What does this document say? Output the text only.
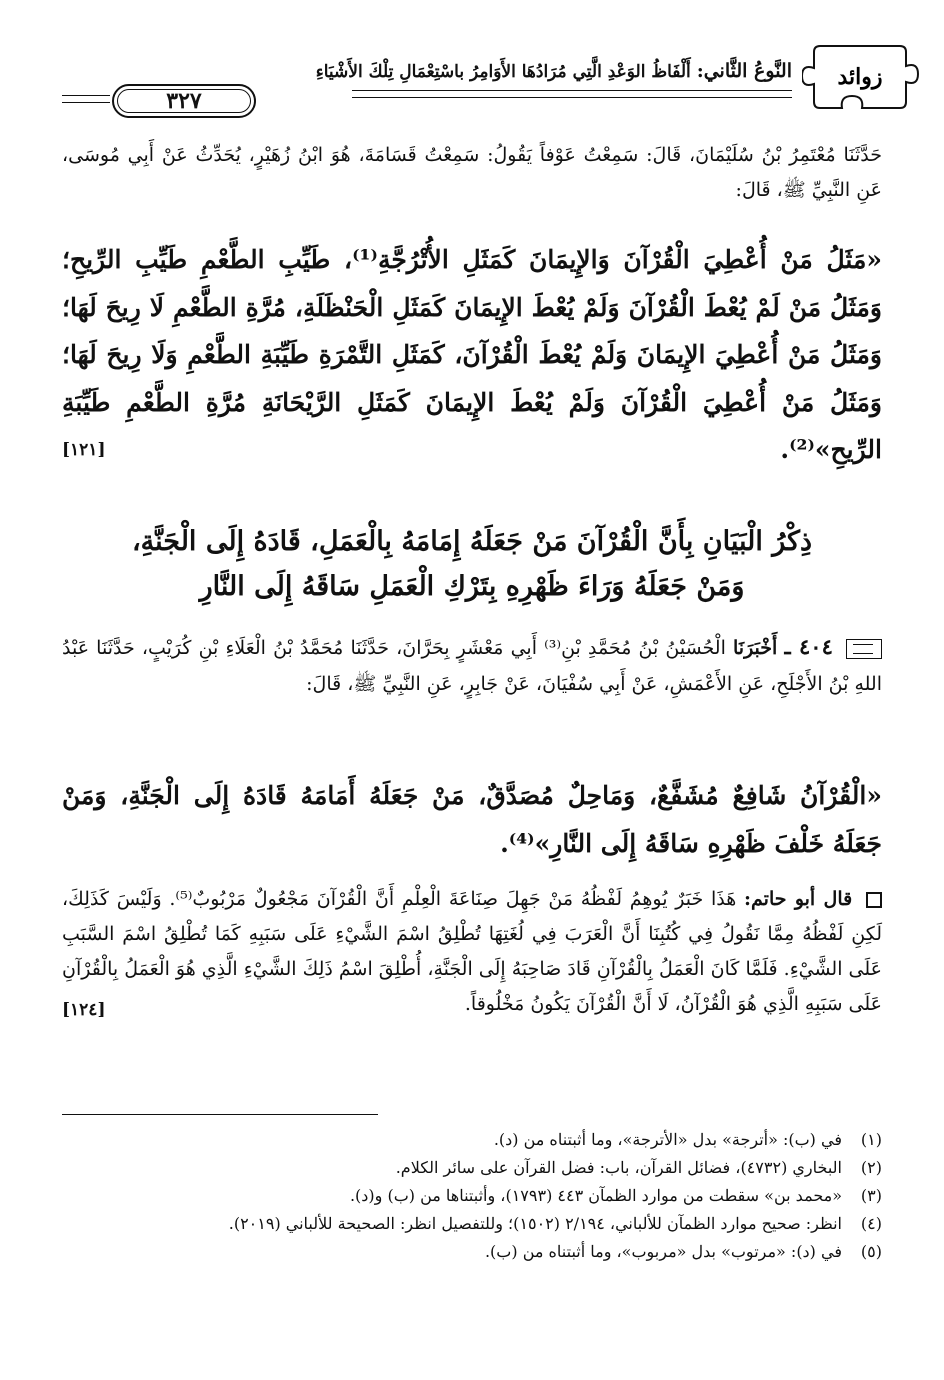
زوائد
النَّوعُ الثَّاني: أَلْفَاظُ الوَعْدِ الَّتِي مُرَادُهَا الأَوَامِرُ باسْتِعْمَالِ تِلْكَ الأَشْيَاءِ
٣٢٧

حَدَّثَنَا مُعْتَمِرُ بْنُ سُلَيْمَانَ، قَالَ: سَمِعْتُ عَوْفاً يَقُولُ: سَمِعْتُ قَسَامَةَ، هُوَ ابْنُ زُهَيْرٍ، يُحَدِّثُ عَنْ أَبِي مُوسَى، عَنِ النَّبِيِّ ﷺ، قَالَ:

«مَثَلُ مَنْ أُعْطِيَ الْقُرْآنَ وَالإِيمَانَ كَمَثَلِ الأُتْرُجَّةِ⁽¹⁾، طَيِّبِ الطَّعْمِ طَيِّبِ الرِّيحِ؛ وَمَثَلُ مَنْ لَمْ يُعْطَ الْقُرْآنَ وَلَمْ يُعْطَ الإِيمَانَ كَمَثَلِ الْحَنْظَلَةِ، مُرَّةِ الطَّعْمِ لَا رِيحَ لَهَا؛ وَمَثَلُ مَنْ أُعْطِيَ الإِيمَانَ وَلَمْ يُعْطَ الْقُرْآنَ، كَمَثَلِ التَّمْرَةِ طَيِّبَةِ الطَّعْمِ وَلَا رِيحَ لَهَا؛ وَمَثَلُ مَنْ أُعْطِيَ الْقُرْآنَ وَلَمْ يُعْطَ الإِيمَانَ كَمَثَلِ الرَّيْحَانَةِ مُرَّةِ الطَّعْمِ طَيِّبَةِ الرِّيحِ»⁽²⁾.
[١٢١]

ذِكْرُ الْبَيَانِ بِأَنَّ الْقُرْآنَ مَنْ جَعَلَهُ إِمَامَهُ بِالْعَمَلِ، قَادَهُ إِلَى الْجَنَّةِ،
وَمَنْ جَعَلَهُ وَرَاءَ ظَهْرِهِ بِتَرْكِ الْعَمَلِ سَاقَهُ إِلَى النَّارِ

٤٠٤ ـ أَخْبَرَنَا الْحُسَيْنُ بْنُ مُحَمَّدِ بْنِ⁽³⁾ أَبِي مَعْشَرٍ بِحَرَّانَ، حَدَّثَنَا مُحَمَّدُ بْنُ الْعَلَاءِ بْنِ كُرَيْبٍ، حَدَّثَنَا عَبْدُ اللهِ بْنُ الأَجْلَحِ، عَنِ الأَعْمَشِ، عَنْ أَبِي سُفْيَانَ، عَنْ جَابِرٍ، عَنِ النَّبِيِّ ﷺ، قَالَ:

«الْقُرْآنُ شَافِعٌ مُشَفَّعٌ، وَمَاحِلٌ مُصَدَّقٌ، مَنْ جَعَلَهُ أَمَامَهُ قَادَهُ إِلَى الْجَنَّةِ، وَمَنْ جَعَلَهُ خَلْفَ ظَهْرِهِ سَاقَهُ إِلَى النَّارِ»⁽⁴⁾.

قال أبو حاتم: هَذَا خَبَرٌ يُوهِمُ لَفْظُهُ مَنْ جَهِلَ صِنَاعَةَ الْعِلْمِ أَنَّ الْقُرْآنَ مَجْعُولٌ مَرْبُوبٌ⁽⁵⁾. وَلَيْسَ كَذَلِكَ، لَكِنِ لَفْظُهُ مِمَّا نَقُولُ فِي كُتُبِنَا أَنَّ الْعَرَبَ فِي لُغَتِهَا تُطْلِقُ اسْمَ الشَّيْءِ عَلَى سَبَبِهِ كَمَا تُطْلِقُ اسْمَ السَّبَبِ عَلَى الشَّيْءِ. فَلَمَّا كَانَ الْعَمَلُ بِالْقُرْآنِ قَادَ صَاحِبَهُ إِلَى الْجَنَّةِ، أُطْلِقَ اسْمُ ذَلِكَ الشَّيْءِ الَّذِي هُوَ الْعَمَلُ بِالْقُرْآنِ عَلَى سَبَبِهِ الَّذِي هُوَ الْقُرْآنُ، لَا أَنَّ الْقُرْآنَ يَكُونُ مَخْلُوقاً.
[١٢٤]

(١)
في (ب): «أترجة» بدل «الأترجة»، وما أثبتناه من (د).
(٢)
البخاري (٤٧٣٢)، فضائل القرآن، باب: فضل القرآن على سائر الكلام.
(٣)
«محمد بن» سقطت من موارد الظمآن ٤٤٣ (١٧٩٣)، وأثبتناها من (ب) و(د).
(٤)
انظر: صحيح موارد الظمآن للألباني، ٢/١٩٤ (١٥٠٢)؛ وللتفصيل انظر: الصحيحة للألباني (٢٠١٩).
(٥)
في (د): «مرتوب» بدل «مربوب»، وما أثبتناه من (ب).
